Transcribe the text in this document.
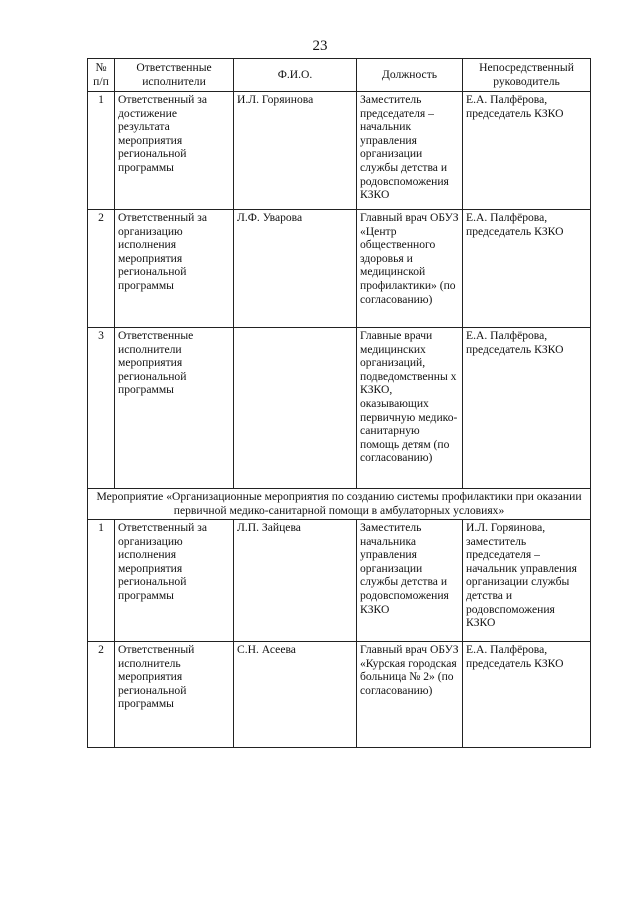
23
№ п/п	Ответственные исполнители	Ф.И.О.	Должность	Непосредственный руководитель
1	Ответственный за достижение результата мероприятия региональной программы	И.Л. Горяинова	Заместитель председателя – начальник управления организации службы детства и родовспоможения КЗКО	Е.А. Палфёрова, председатель КЗКО
2	Ответственный за организацию исполнения мероприятия региональной программы	Л.Ф. Уварова	Главный врач ОБУЗ «Центр общественного здоровья и медицинской профилактики» (по согласованию)	Е.А. Палфёрова, председатель КЗКО
3	Ответственные исполнители мероприятия региональной программы		Главные врачи медицинских организаций, подведомственны х КЗКО, оказывающих первичную медико-санитарную помощь детям (по согласованию)	Е.А. Палфёрова, председатель КЗКО
Мероприятие «Организационные мероприятия по созданию системы профилактики при оказании первичной медико-санитарной помощи в амбулаторных условиях»				
1	Ответственный за организацию исполнения мероприятия региональной программы	Л.П. Зайцева	Заместитель начальника управления организации службы детства и родовспоможения КЗКО	И.Л. Горяинова, заместитель председателя – начальник управления организации службы детства и родовспоможения КЗКО
2	Ответственный исполнитель мероприятия региональной программы	С.Н. Асеева	Главный врач ОБУЗ «Курская городская больница № 2» (по согласованию)	Е.А. Палфёрова, председатель КЗКО
